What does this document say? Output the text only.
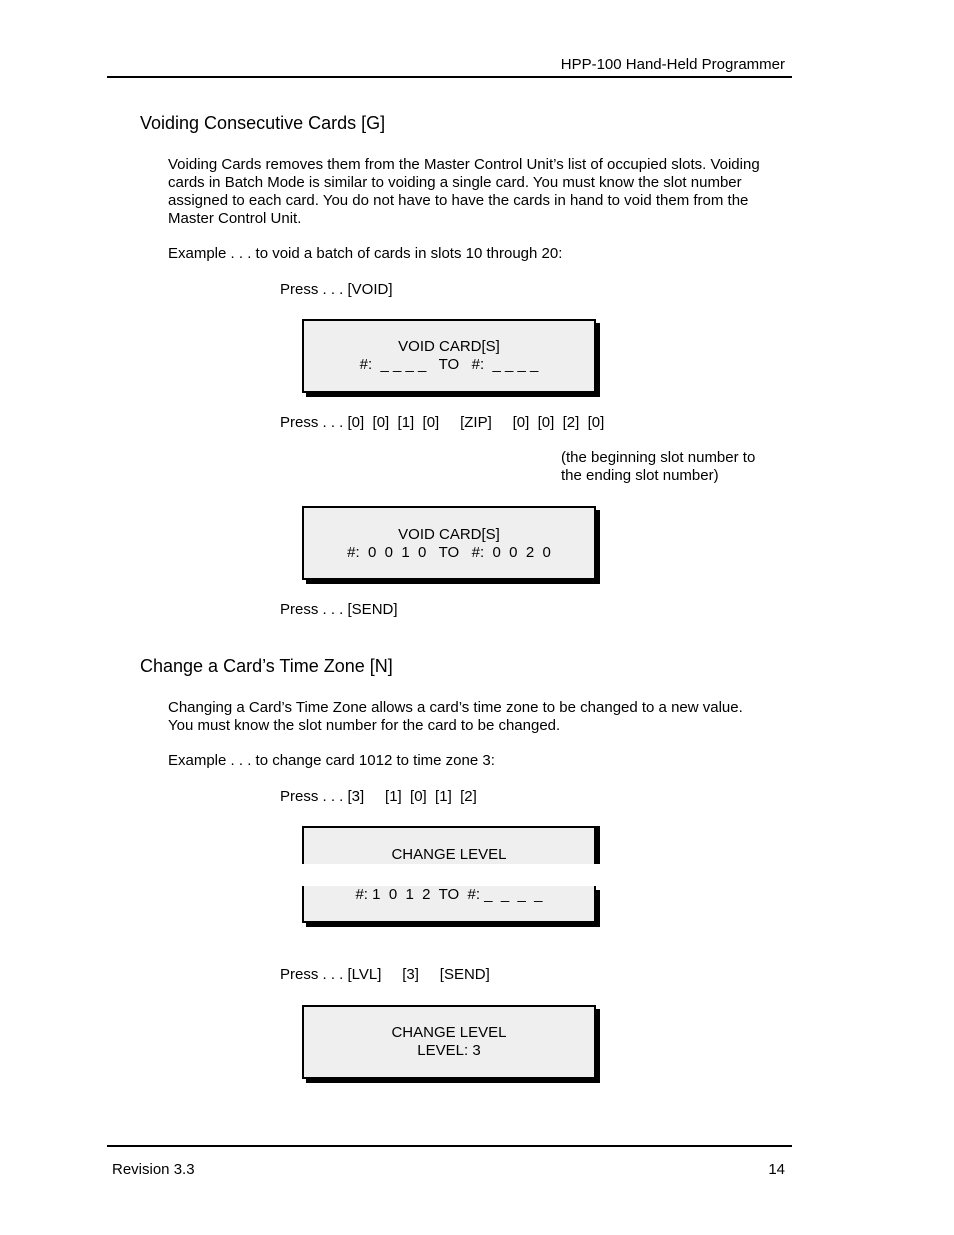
HPP-100 Hand-Held Programmer
Voiding Consecutive Cards [G]
Voiding Cards removes them from the Master Control Unit’s list of occupied slots. Voiding
cards in Batch Mode is similar to voiding a single card. You must know the slot number
assigned to each card. You do not have to have the cards in hand to void them from the
Master Control Unit.
Example . . . to void a batch of cards in slots 10 through 20:
Press . . . [VOID]
VOID CARD[S]
#:  _ _ _ _   TO   #:  _ _ _ _
Press . . . [0]  [0]  [1]  [0]     [ZIP]     [0]  [0]  [2]  [0]
(the beginning slot number to
the ending slot number)
VOID CARD[S]
#:  0  0  1  0   TO   #:  0  0  2  0
Press . . . [SEND]
Change a Card’s Time Zone [N]
Changing a Card’s Time Zone allows a card’s time zone to be changed to a new value.
You must know the slot number for the card to be changed.
Example . . . to change card 1012 to time zone 3:
Press . . . [3]     [1]  [0]  [1]  [2]
CHANGE LEVEL
#: 1  0  1  2  TO  #: _  _  _  _
Press . . . [LVL]     [3]     [SEND]
CHANGE LEVEL
LEVEL: 3
Revision 3.3	14
